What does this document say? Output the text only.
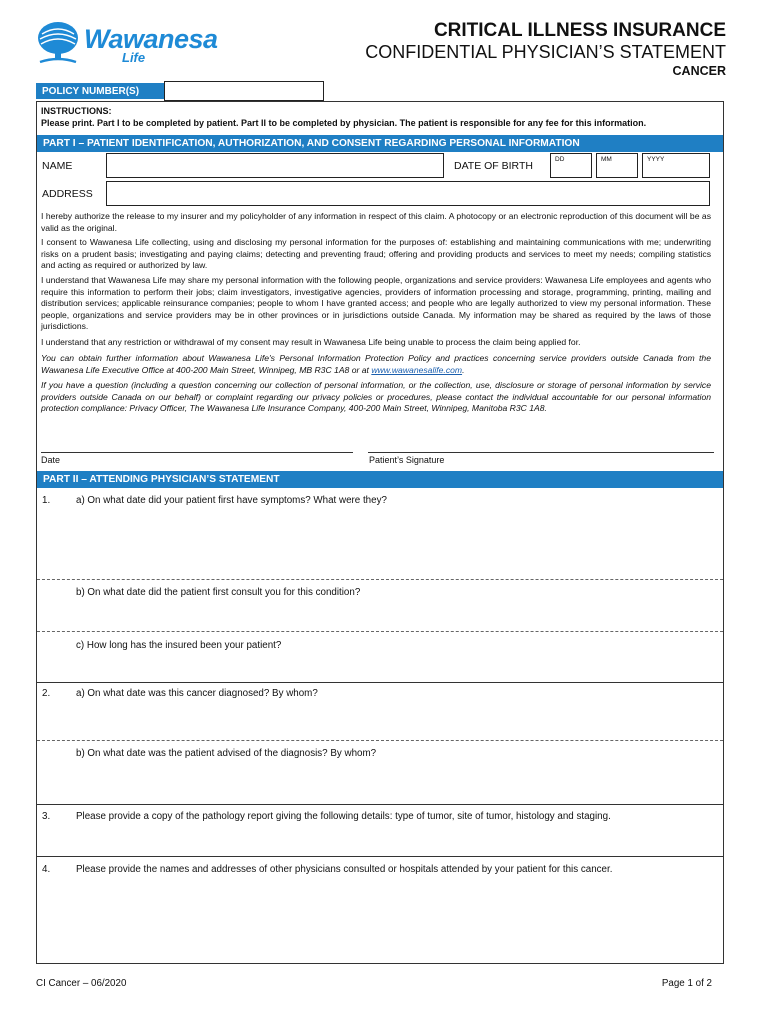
Wawanesa
Life
CRITICAL ILLNESS INSURANCE
CONFIDENTIAL PHYSICIAN’S STATEMENT
CANCER
POLICY NUMBER(S)
INSTRUCTIONS:
Please print. Part I to be completed by patient. Part II to be completed by physician. The patient is responsible for any fee for this information.
PART I – PATIENT IDENTIFICATION, AUTHORIZATION, AND CONSENT REGARDING PERSONAL INFORMATION
NAME	DATE OF BIRTH
DD	MM	YYYY
ADDRESS
I hereby authorize the release to my insurer and my policyholder of any information in respect of this claim. A photocopy or an electronic reproduction of this document will be as valid as the original.
I consent to Wawanesa Life collecting, using and disclosing my personal information for the purposes of: establishing and maintaining communications with me; underwriting risks on a prudent basis; investigating and paying claims; detecting and preventing fraud; offering and providing products and services to meet my needs; compiling statistics and acting as required or authorized by law.
I understand that Wawanesa Life may share my personal information with the following people, organizations and service providers: Wawanesa Life employees and agents who require this information to perform their jobs; claim investigators, investigative agencies, providers of information processing and storage, programming, printing, mailing and distribution services; applicable reinsurance companies; people to whom I have granted access; and people who are legally authorized to view my personal information. These people, organizations and service providers may be in other provinces or in jurisdictions outside Canada. My information may be shared as required by the laws of those jurisdictions.
I understand that any restriction or withdrawal of my consent may result in Wawanesa Life being unable to process the claim being applied for.
You can obtain further information about Wawanesa Life's Personal Information Protection Policy and practices concerning service providers outside Canada from the Wawanesa Life Executive Office at 400-200 Main Street, Winnipeg, MB R3C 1A8 or at www.wawanesalife.com.
If you have a question (including a question concerning our collection of personal information, or the collection, use, disclosure or storage of personal information by service providers outside Canada on our behalf) or complaint regarding our privacy policies or procedures, please contact the individual accountable for our personal information protection compliance: Privacy Officer, The Wawanesa Life Insurance Company, 400-200 Main Street, Winnipeg, Manitoba R3C 1A8.
Date	Patient’s Signature
PART II – ATTENDING PHYSICIAN’S STATEMENT
1.	a) On what date did your patient first have symptoms? What were they?
b) On what date did the patient first consult you for this condition?
c) How long has the insured been your patient?
2.	a) On what date was this cancer diagnosed? By whom?
b) On what date was the patient advised of the diagnosis? By whom?
3.	Please provide a copy of the pathology report giving the following details: type of tumor, site of tumor, histology and staging.
4.	Please provide the names and addresses of other physicians consulted or hospitals attended by your patient for this cancer.
CI Cancer – 06/2020	Page 1 of 2
